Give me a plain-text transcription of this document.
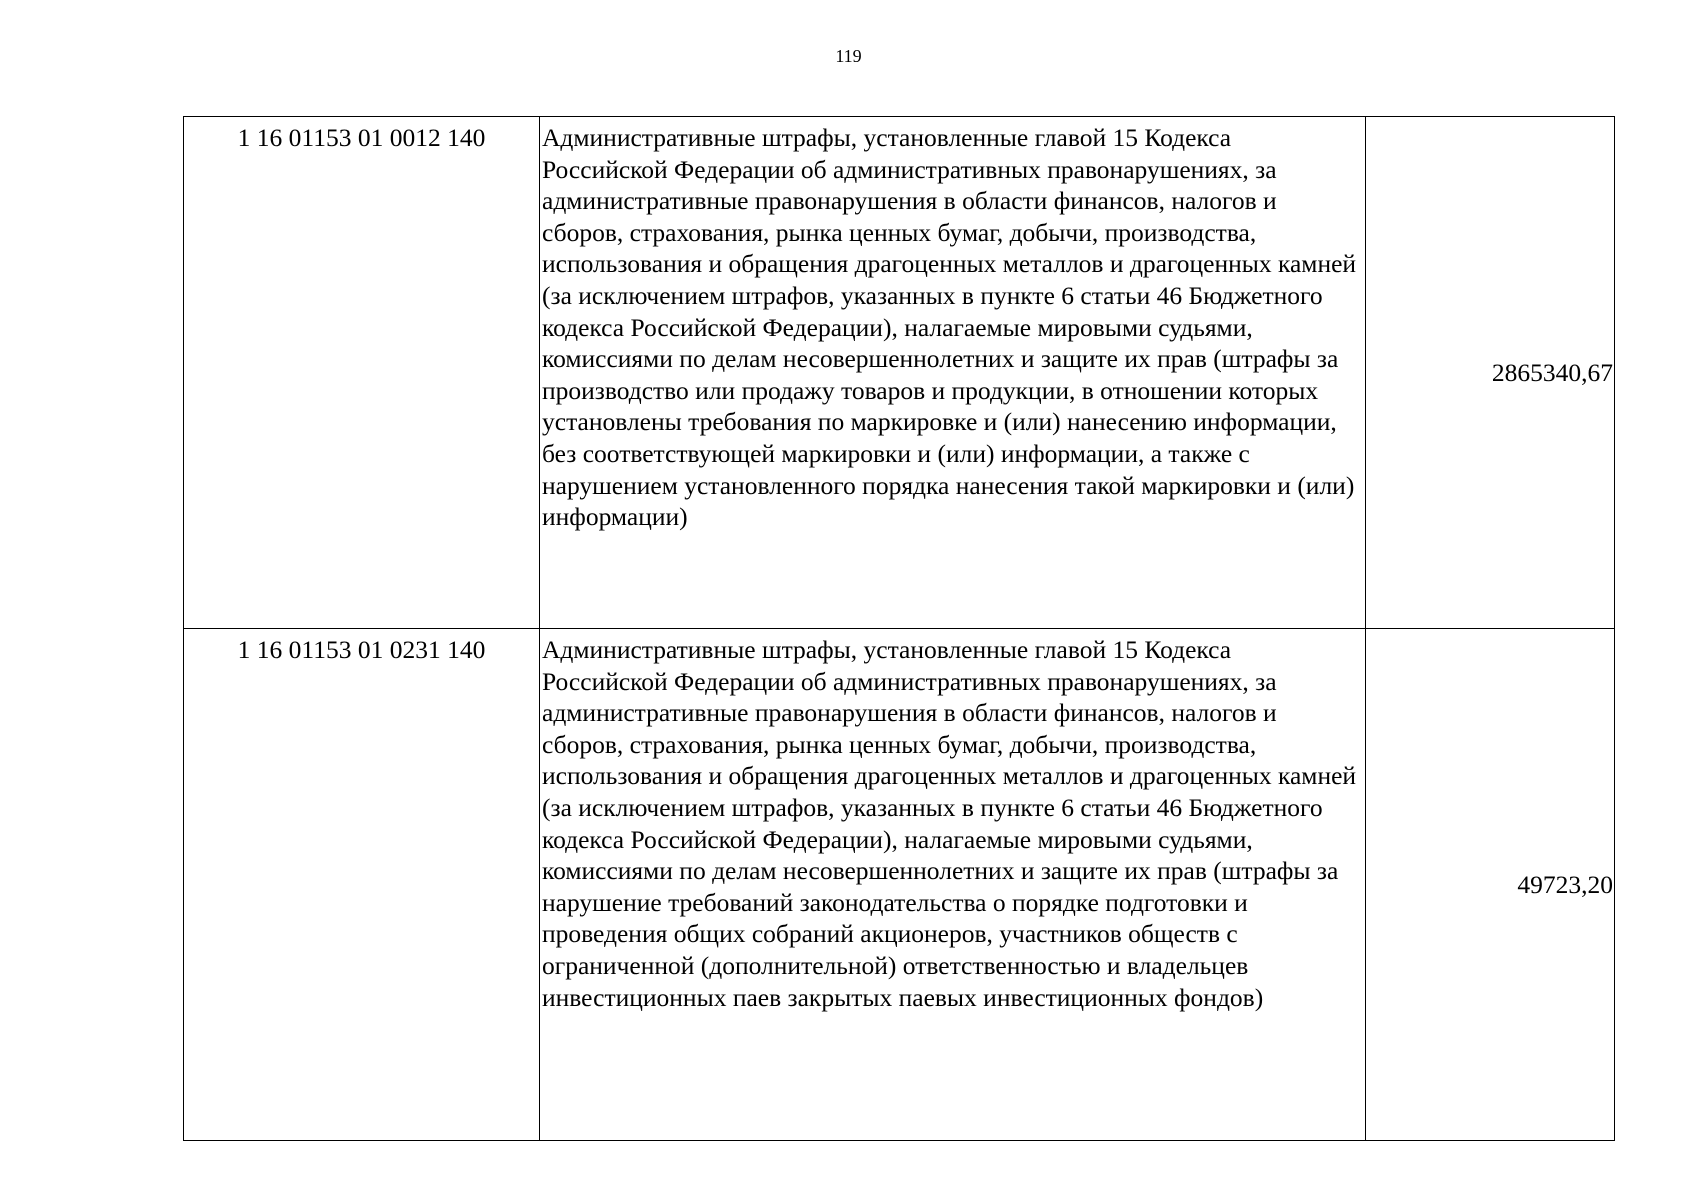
119
1 16 01153 01 0012 140	Административные штрафы, установленные главой 15 Кодекса Российской Федерации об административных правонарушениях, за административные правонарушения в области финансов, налогов и сборов, страхования, рынка ценных бумаг, добычи, производства, использования и обращения драгоценных металлов и драгоценных камней (за исключением штрафов, указанных в пункте 6 статьи 46 Бюджетного кодекса Российской Федерации), налагаемые мировыми судьями, комиссиями по делам несовершеннолетних и защите их прав (штрафы за производство или продажу товаров и продукции, в отношении которых установлены требования по маркировке и (или) нанесению информации, без соответствующей маркировки и (или) информации, а также с нарушением установленного порядка нанесения такой маркировки и (или) информации)	2865340,67
1 16 01153 01 0231 140	Административные штрафы, установленные главой 15 Кодекса Российской Федерации об административных правонарушениях, за административные правонарушения в области финансов, налогов и сборов, страхования, рынка ценных бумаг, добычи, производства, использования и обращения драгоценных металлов и драгоценных камней (за исключением штрафов, указанных в пункте 6 статьи 46 Бюджетного кодекса Российской Федерации), налагаемые мировыми судьями, комиссиями по делам несовершеннолетних и защите их прав (штрафы за нарушение требований законодательства о порядке подготовки и проведения общих собраний акционеров, участников обществ с ограниченной (дополнительной) ответственностью и владельцев инвестиционных паев закрытых паевых инвестиционных фондов)	49723,20
